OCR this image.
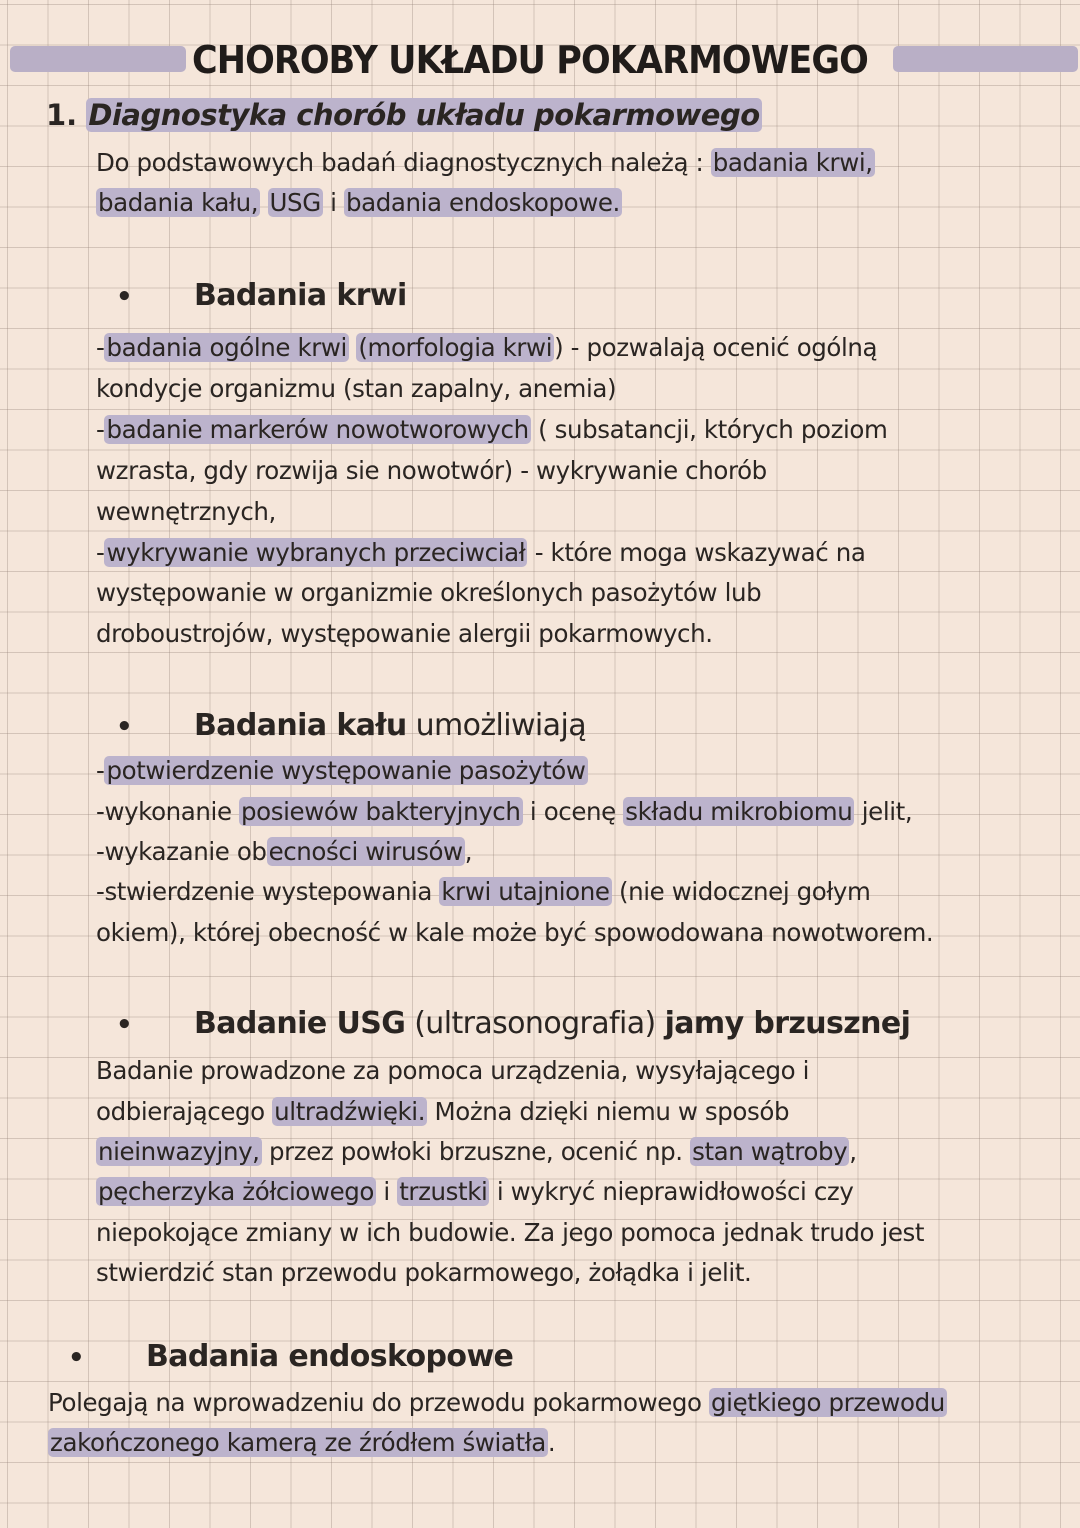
CHOROBY UKŁADU POKARMOWEGO
1. Diagnostyka chorób układu pokarmowego
Do podstawowych badań diagnostycznych należą : badania krwi,
badania kału, USG i badania endoskopowe.
• Badania krwi
-badania ogólne krwi (morfologia krwi) - pozwalają ocenić ogólną
kondycje organizmu (stan zapalny, anemia)
-badanie markerów nowotworowych ( subsatancji, których poziom
wzrasta, gdy rozwija sie nowotwór) - wykrywanie chorób
wewnętrznych,
-wykrywanie wybranych przeciwciał - które moga wskazywać na
występowanie w organizmie określonych pasożytów lub
droboustrojów, występowanie alergii pokarmowych.
• Badania kału umożliwiają
-potwierdzenie występowanie pasożytów
-wykonanie posiewów bakteryjnych i ocenę składu mikrobiomu jelit,
-wykazanie obecności wirusów,
-stwierdzenie wystepowania krwi utajnione (nie widocznej gołym
okiem), której obecność w kale może być spowodowana nowotworem.
• Badanie USG (ultrasonografia) jamy brzusznej
Badanie prowadzone za pomoca urządzenia, wysyłającego i
odbierającego ultradźwięki. Można dzięki niemu w sposób
nieinwazyjny, przez powłoki brzuszne, ocenić np. stan wątroby,
pęcherzyka żółciowego i trzustki i wykryć nieprawidłowości czy
niepokojące zmiany w ich budowie. Za jego pomoca jednak trudo jest
stwierdzić stan przewodu pokarmowego, żołądka i jelit.
• Badania endoskopowe
Polegają na wprowadzeniu do przewodu pokarmowego giętkiego przewodu
zakończonego kamerą ze źródłem światła.
